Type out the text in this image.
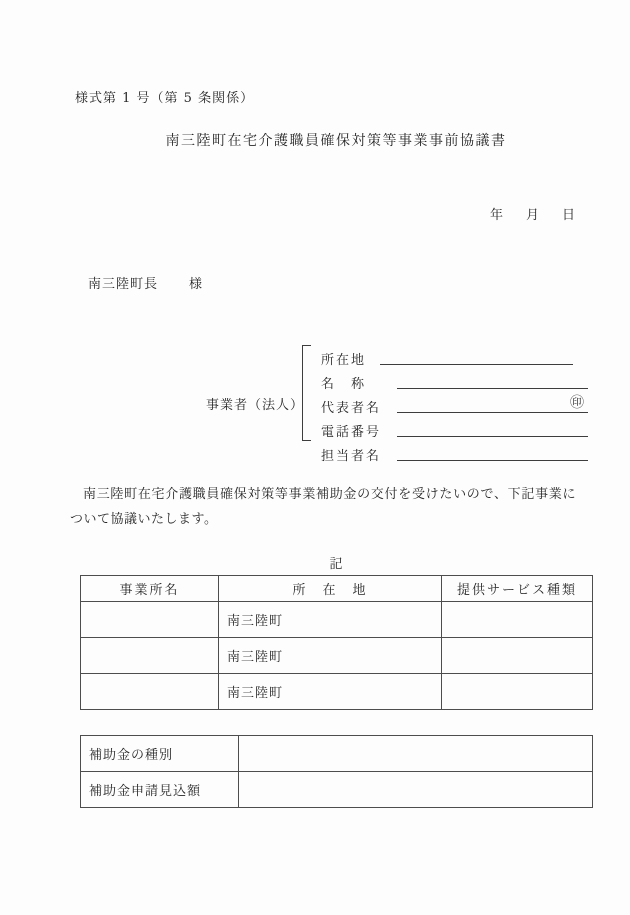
様式第 1 号（第 5 条関係）
南三陸町在宅介護職員確保対策等事業事前協議書
年 月 日
南三陸町長 様
事業者（法人）
所在地
名　称
代表者名	㊞
電話番号
担当者名
南三陸町在宅介護職員確保対策等事業補助金の交付を受けたいので、下記事業について協議いたします。
記
事業所名	所　在　地	提供サービス種類
	南三陸町	
	南三陸町	
	南三陸町	
補助金の種別	
補助金申請見込額	
